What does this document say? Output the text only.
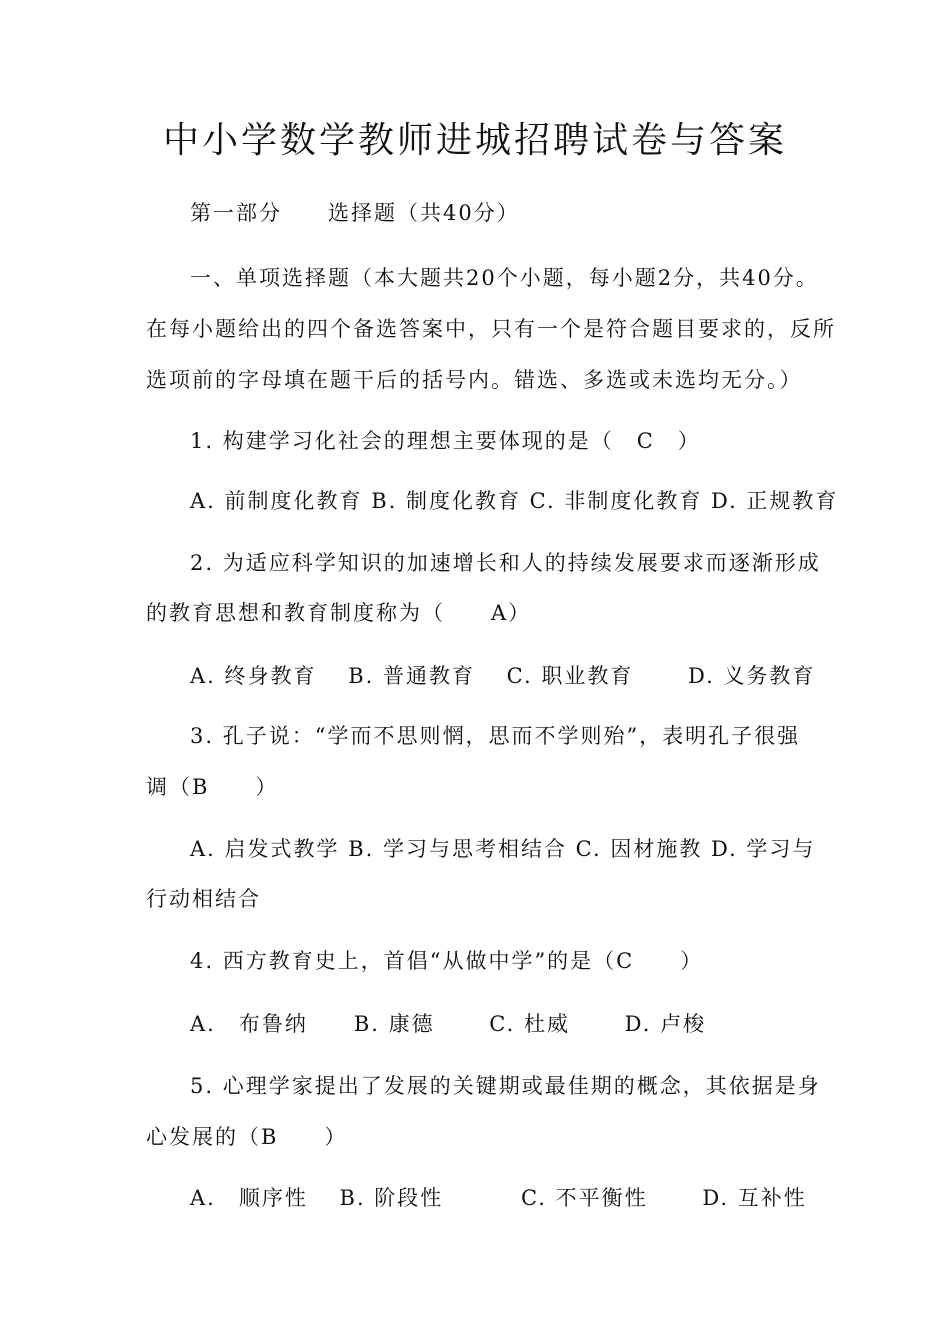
中小学数学教师进城招聘试卷与答案
第一部分　　选择题（共40分）
一、单项选择题（本大题共20个小题，每小题2分，共40分。
在每小题给出的四个备选答案中，只有一个是符合题目要求的，反所
选项前的字母填在题干后的括号内。错选、多选或未选均无分。）
1. 构建学习化社会的理想主要体现的是（　C　）
A. 前制度化教育 B. 制度化教育 C. 非制度化教育 D. 正规教育
2. 为适应科学知识的加速增长和人的持续发展要求而逐渐形成
的教育思想和教育制度称为（　　A）
A. 终身教育　 B. 普通教育　 C. 职业教育　　 D. 义务教育
3. 孔子说：“学而不思则惘，思而不学则殆”，表明孔子很强
调（B　　）
A. 启发式教学 B. 学习与思考相结合 C. 因材施教 D. 学习与
行动相结合
4. 西方教育史上，首倡“从做中学”的是（C　　）
A.　布鲁纳　　B. 康德　　 C. 杜威　　 D. 卢梭
5. 心理学家提出了发展的关键期或最佳期的概念，其依据是身
心发展的（B　　）
A.　顺序性　 B. 阶段性　　　 C. 不平衡性　　 D. 互补性
